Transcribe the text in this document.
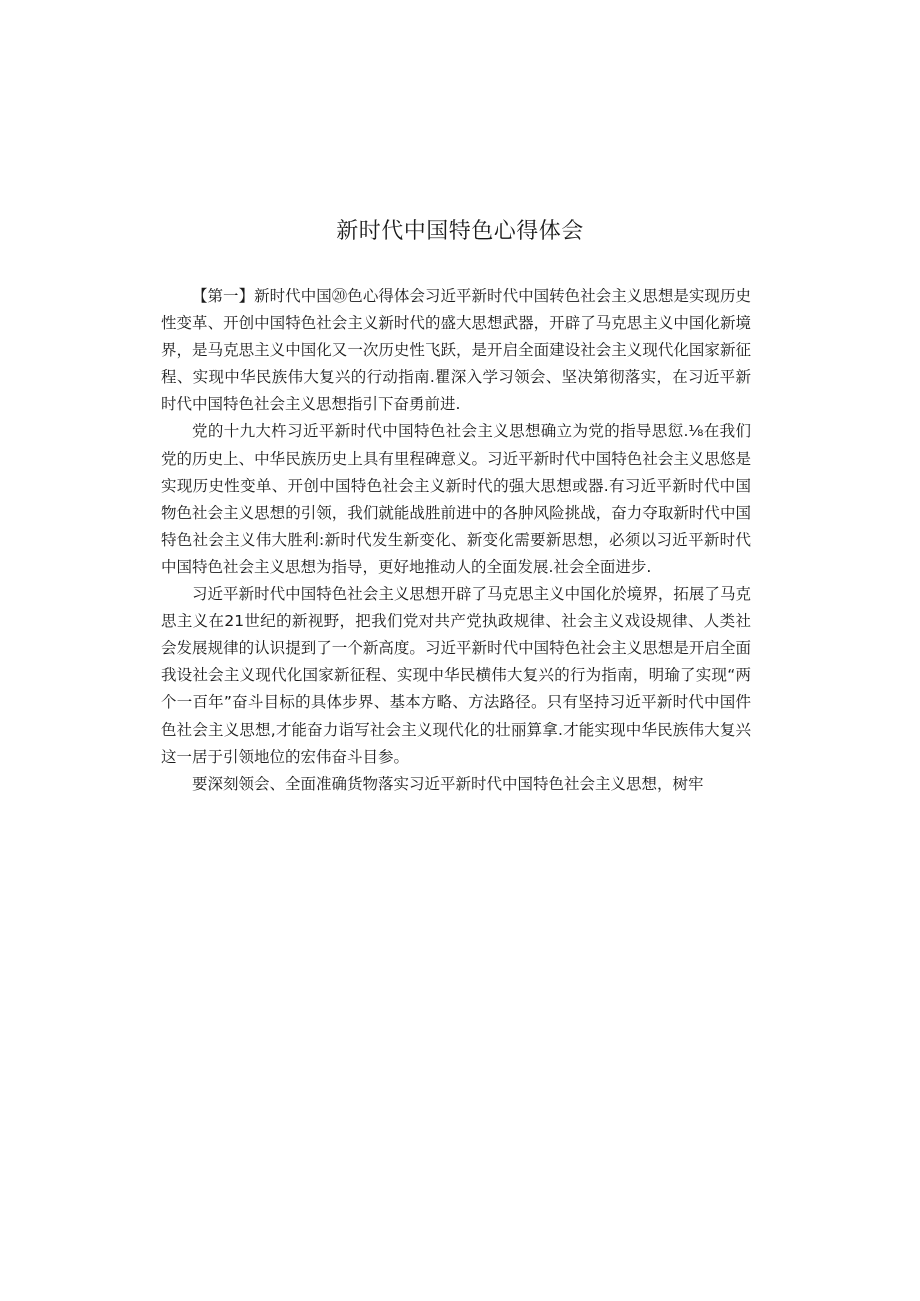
新时代中国特色心得体会

【第一】新时代中国⑳色心得体会习近平新时代中国转色社会主义思想是实现历史性变革、开创中国特色社会主义新时代的盛大思想武器，开辟了马克思主义中国化新境界，是马克思主义中国化又一次历史性飞跃，是开启全面建设社会主义现代化国家新征程、实现中华民族伟大复兴的行动指南.瞿深入学习领会、坚决第彻落实，在习近平新时代中国特色社会主义思想指引下奋勇前进.

党的十九大杵习近平新时代中国特色社会主义思想确立为党的指导思愆.⅛在我们党的历史上、中华民族历史上具有里程碑意义。习近平新时代中国特色社会主义思悠是实现历史性变单、开创中国特色社会主义新时代的强大思想或器.有习近平新时代中国物色社会主义思想的引领，我们就能战胜前进中的各肿风险挑战，奋力夺取新时代中国特色社会主义伟大胜利:新时代发生新变化、新变化需要新思想，必须以习近平新时代中国特色社会主义思想为指导，更好地推动人的全面发展.社会全面进步.

习近平新时代中国特色社会主义思想开辟了马克思主义中国化於境界，拓展了马克思主义在21世纪的新视野，把我们党对共产党执政规律、社会主义戏设规律、人类社会发展规律的认识提到了一个新高度。习近平新时代中国特色社会主义思想是开启全面我设社会主义现代化国家新征程、实现中华民横伟大复兴的行为指南，明瑜了实现“两个一百年”奋斗目标的具体步界、基本方略、方法路径。只有坚持习近平新时代中国件色社会主义思想,才能奋力诣写社会主义现代化的壮丽算拿.才能实现中华民族伟大复兴这一居于引领地位的宏伟奋斗目参。

要深刻领会、全面准确货物落实习近平新时代中国特色社会主义思想，树牢
